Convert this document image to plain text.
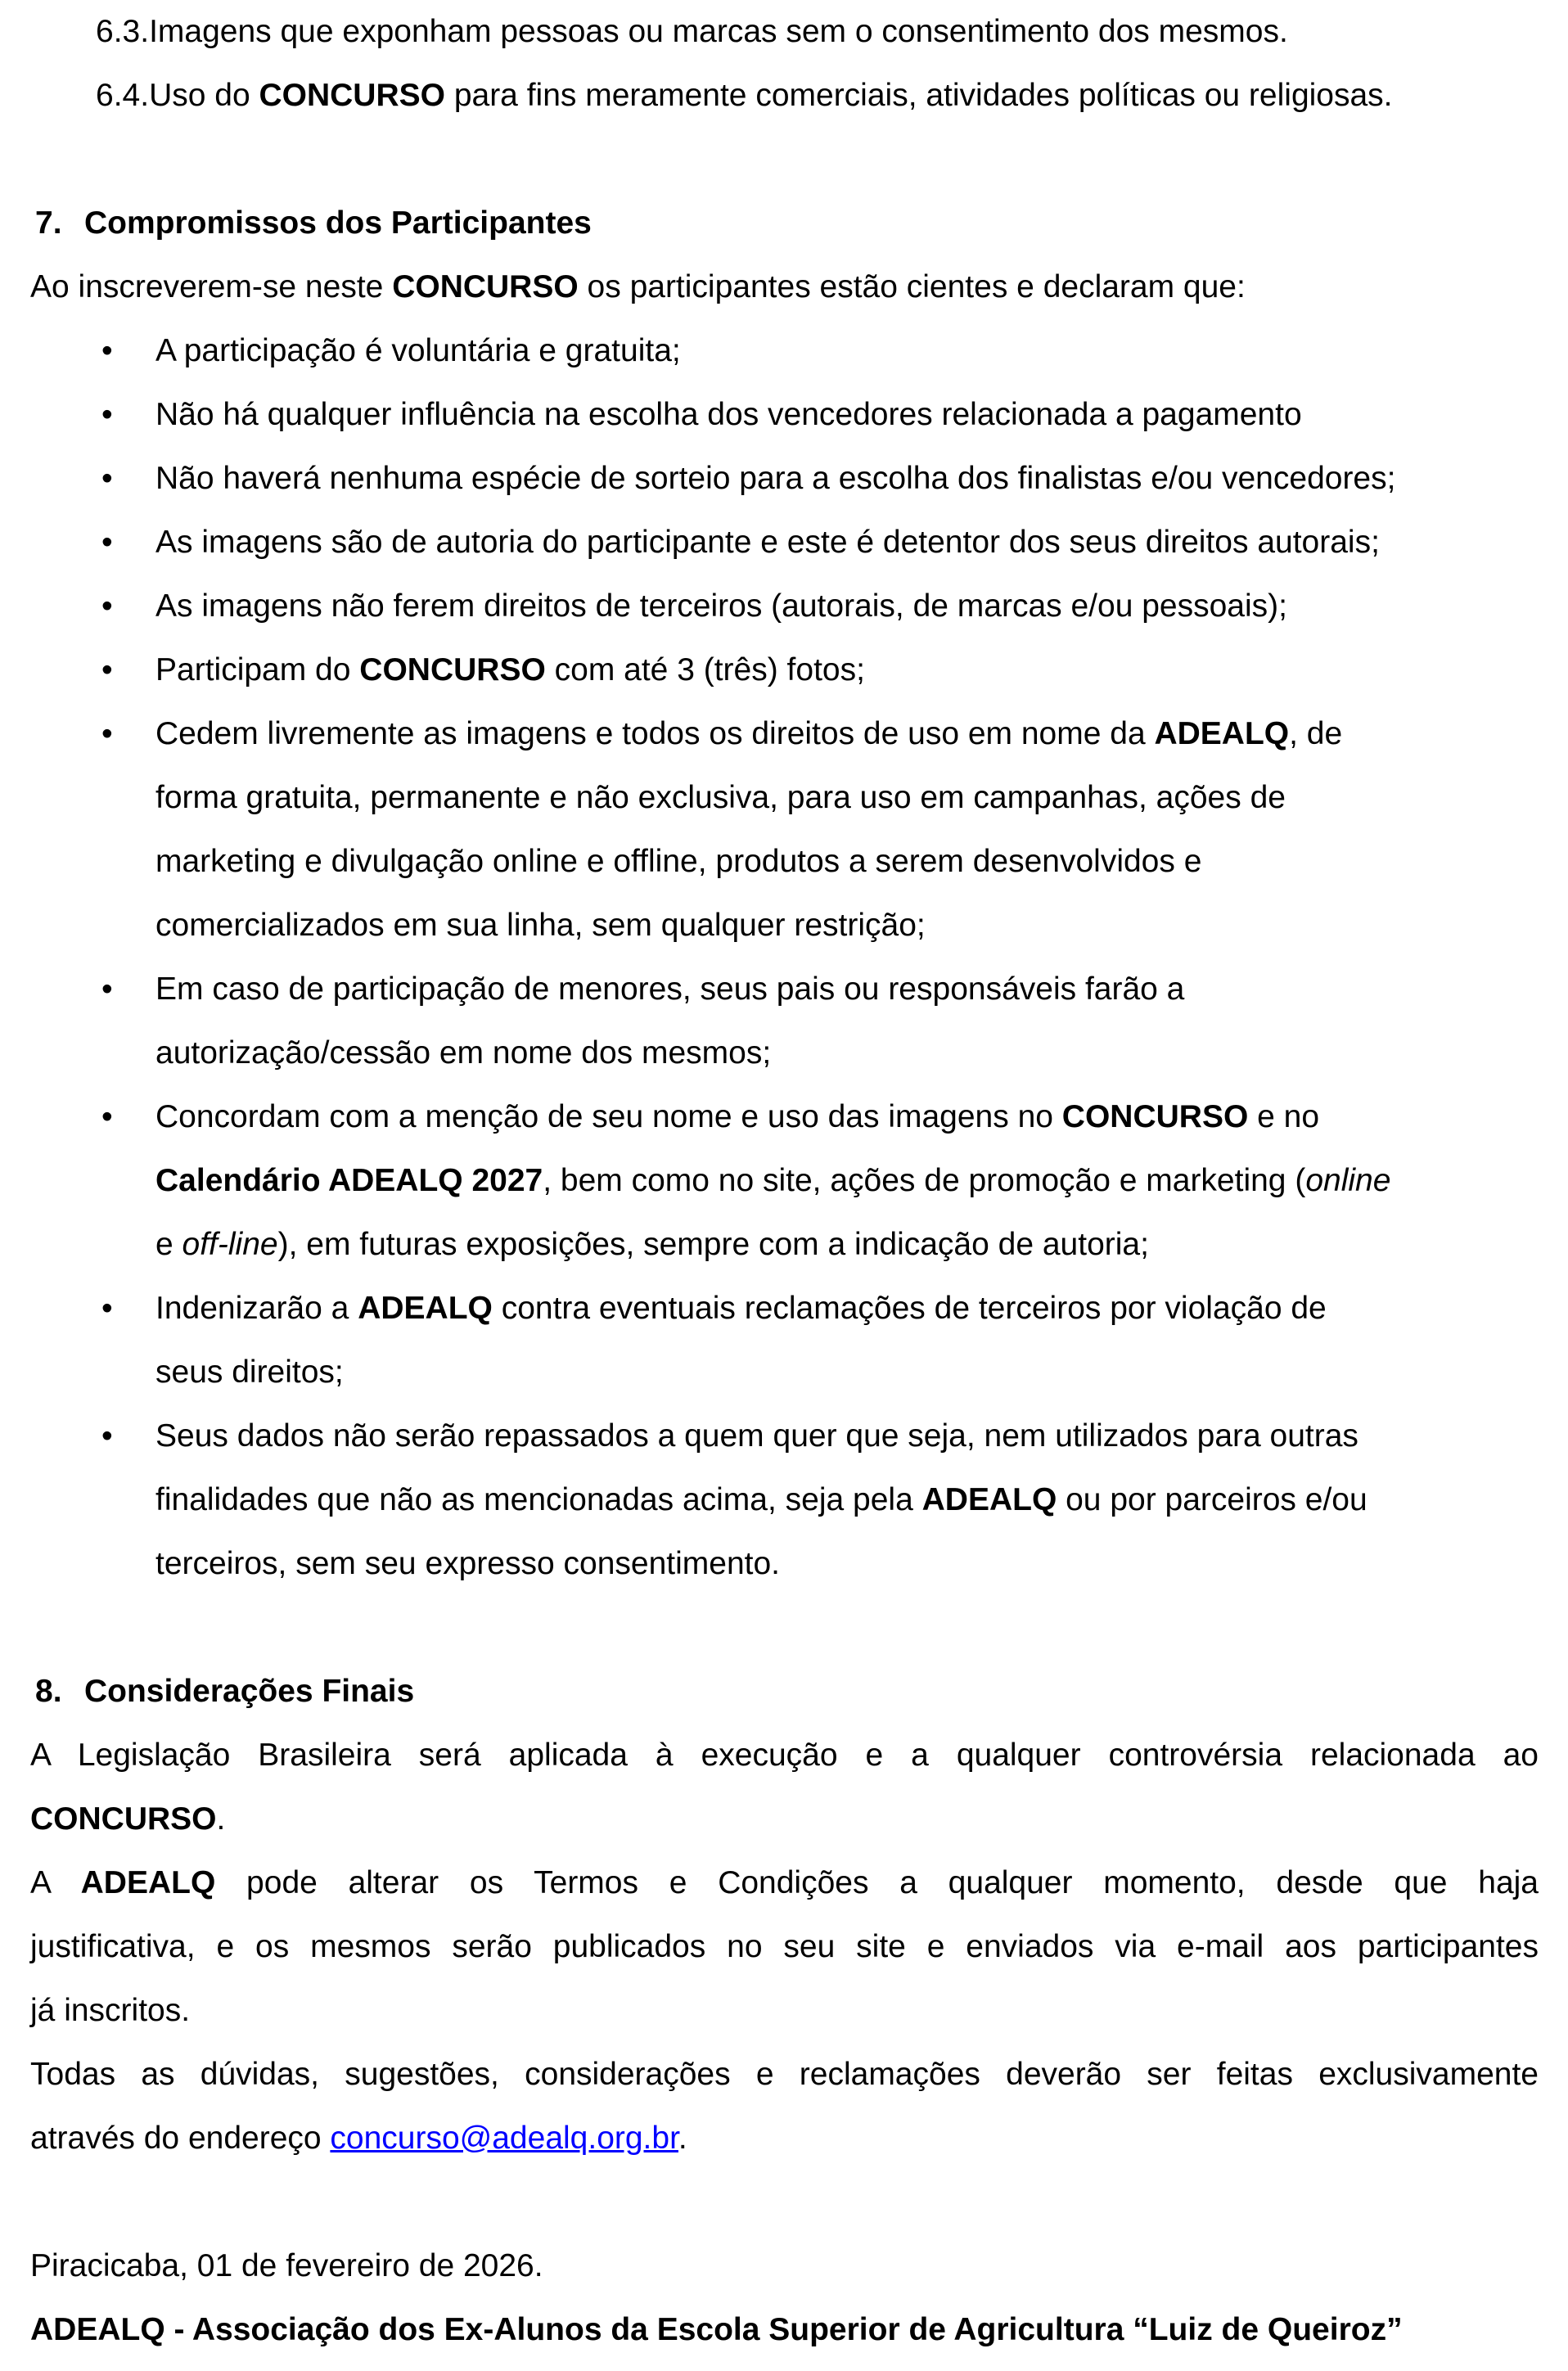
6.3. Imagens que exponham pessoas ou marcas sem o consentimento dos mesmos.
6.4. Uso do CONCURSO para fins meramente comerciais, atividades políticas ou religiosas.
7. Compromissos dos Participantes
Ao inscreverem-se neste CONCURSO os participantes estão cientes e declaram que:
•	A participação é voluntária e gratuita;
•	Não há qualquer influência na escolha dos vencedores relacionada a pagamento
•	Não haverá nenhuma espécie de sorteio para a escolha dos finalistas e/ou vencedores;
•	As imagens são de autoria do participante e este é detentor dos seus direitos autorais;
•	As imagens não ferem direitos de terceiros (autorais, de marcas e/ou pessoais);
•	Participam do CONCURSO com até 3 (três) fotos;
•	Cedem livremente as imagens e todos os direitos de uso em nome da ADEALQ, de
forma gratuita, permanente e não exclusiva, para uso em campanhas, ações de
marketing e divulgação online e offline, produtos a serem desenvolvidos e
comercializados em sua linha, sem qualquer restrição;
•	Em caso de participação de menores, seus pais ou responsáveis farão a
autorização/cessão em nome dos mesmos;
•	Concordam com a menção de seu nome e uso das imagens no CONCURSO e no
Calendário ADEALQ 2027, bem como no site, ações de promoção e marketing (online
e off-line), em futuras exposições, sempre com a indicação de autoria;
•	Indenizarão a ADEALQ contra eventuais reclamações de terceiros por violação de
seus direitos;
•	Seus dados não serão repassados a quem quer que seja, nem utilizados para outras
finalidades que não as mencionadas acima, seja pela ADEALQ ou por parceiros e/ou
terceiros, sem seu expresso consentimento.
8. Considerações Finais
A Legislação Brasileira será aplicada à execução e a qualquer controvérsia relacionada ao
CONCURSO.
A ADEALQ pode alterar os Termos e Condições a qualquer momento, desde que haja
justificativa, e os mesmos serão publicados no seu site e enviados via e-mail aos participantes
já inscritos.
Todas as dúvidas, sugestões, considerações e reclamações deverão ser feitas exclusivamente
através do endereço concurso@adealq.org.br.
Piracicaba, 01 de fevereiro de 2026.
ADEALQ - Associação dos Ex-Alunos da Escola Superior de Agricultura “Luiz de Queiroz”
